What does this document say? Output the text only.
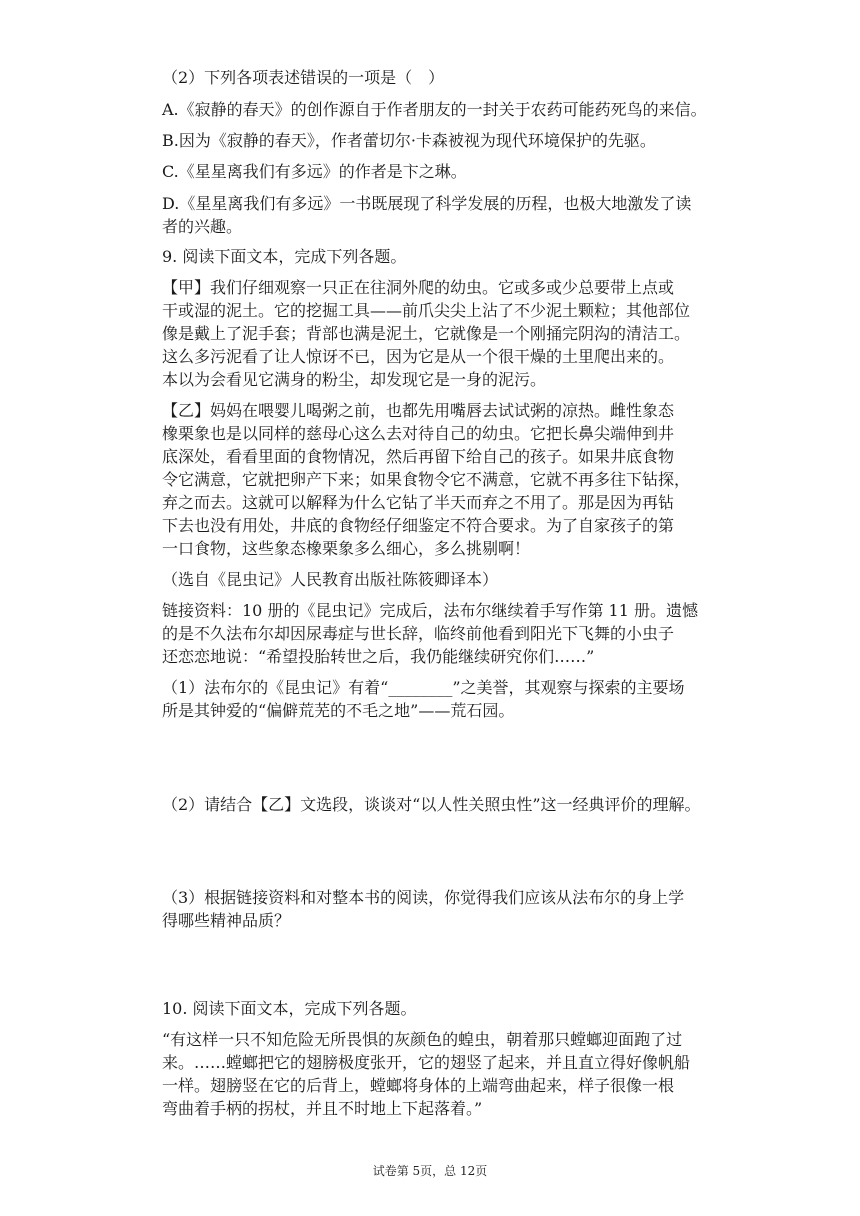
（2）下列各项表述错误的一项是（　）
A.《寂静的春天》的创作源自于作者朋友的一封关于农药可能药死鸟的来信。
B.因为《寂静的春天》，作者蕾切尔·卡森被视为现代环境保护的先驱。
C.《星星离我们有多远》的作者是卞之琳。
D.《星星离我们有多远》一书既展现了科学发展的历程，也极大地激发了读
者的兴趣。
9. 阅读下面文本，完成下列各题。
【甲】我们仔细观察一只正在往洞外爬的幼虫。它或多或少总要带上点或
干或湿的泥土。它的挖掘工具——前爪尖尖上沾了不少泥土颗粒；其他部位
像是戴上了泥手套；背部也满是泥土，它就像是一个刚捅完阴沟的清洁工。
这么多污泥看了让人惊讶不已，因为它是从一个很干燥的土里爬出来的。
本以为会看见它满身的粉尘，却发现它是一身的泥污。
【乙】妈妈在喂婴儿喝粥之前，也都先用嘴唇去试试粥的凉热。雌性象态
橡栗象也是以同样的慈母心这么去对待自己的幼虫。它把长鼻尖端伸到井
底深处，看看里面的食物情况，然后再留下给自己的孩子。如果井底食物
令它满意，它就把卵产下来；如果食物令它不满意，它就不再多往下钻探，
弃之而去。这就可以解释为什么它钻了半天而弃之不用了。那是因为再钻
下去也没有用处，井底的食物经仔细鉴定不符合要求。为了自家孩子的第
一口食物，这些象态橡栗象多么细心，多么挑剔啊！
（选自《昆虫记》人民教育出版社陈筱卿译本）
链接资料：10 册的《昆虫记》完成后，法布尔继续着手写作第 11 册。遗憾
的是不久法布尔却因尿毒症与世长辞，临终前他看到阳光下飞舞的小虫子
还恋恋地说：“希望投胎转世之后，我仍能继续研究你们……”
（1）法布尔的《昆虫记》有着“________”之美誉，其观察与探索的主要场
所是其钟爱的“偏僻荒芜的不毛之地”——荒石园。
（2）请结合【乙】文选段，谈谈对“以人性关照虫性”这一经典评价的理解。
（3）根据链接资料和对整本书的阅读，你觉得我们应该从法布尔的身上学
得哪些精神品质？
10. 阅读下面文本，完成下列各题。
“有这样一只不知危险无所畏惧的灰颜色的蝗虫，朝着那只螳螂迎面跑了过
来。……螳螂把它的翅膀极度张开，它的翅竖了起来，并且直立得好像帆船
一样。翅膀竖在它的后背上，螳螂将身体的上端弯曲起来，样子很像一根
弯曲着手柄的拐杖，并且不时地上下起落着。”
试卷第 5页，总 12页
